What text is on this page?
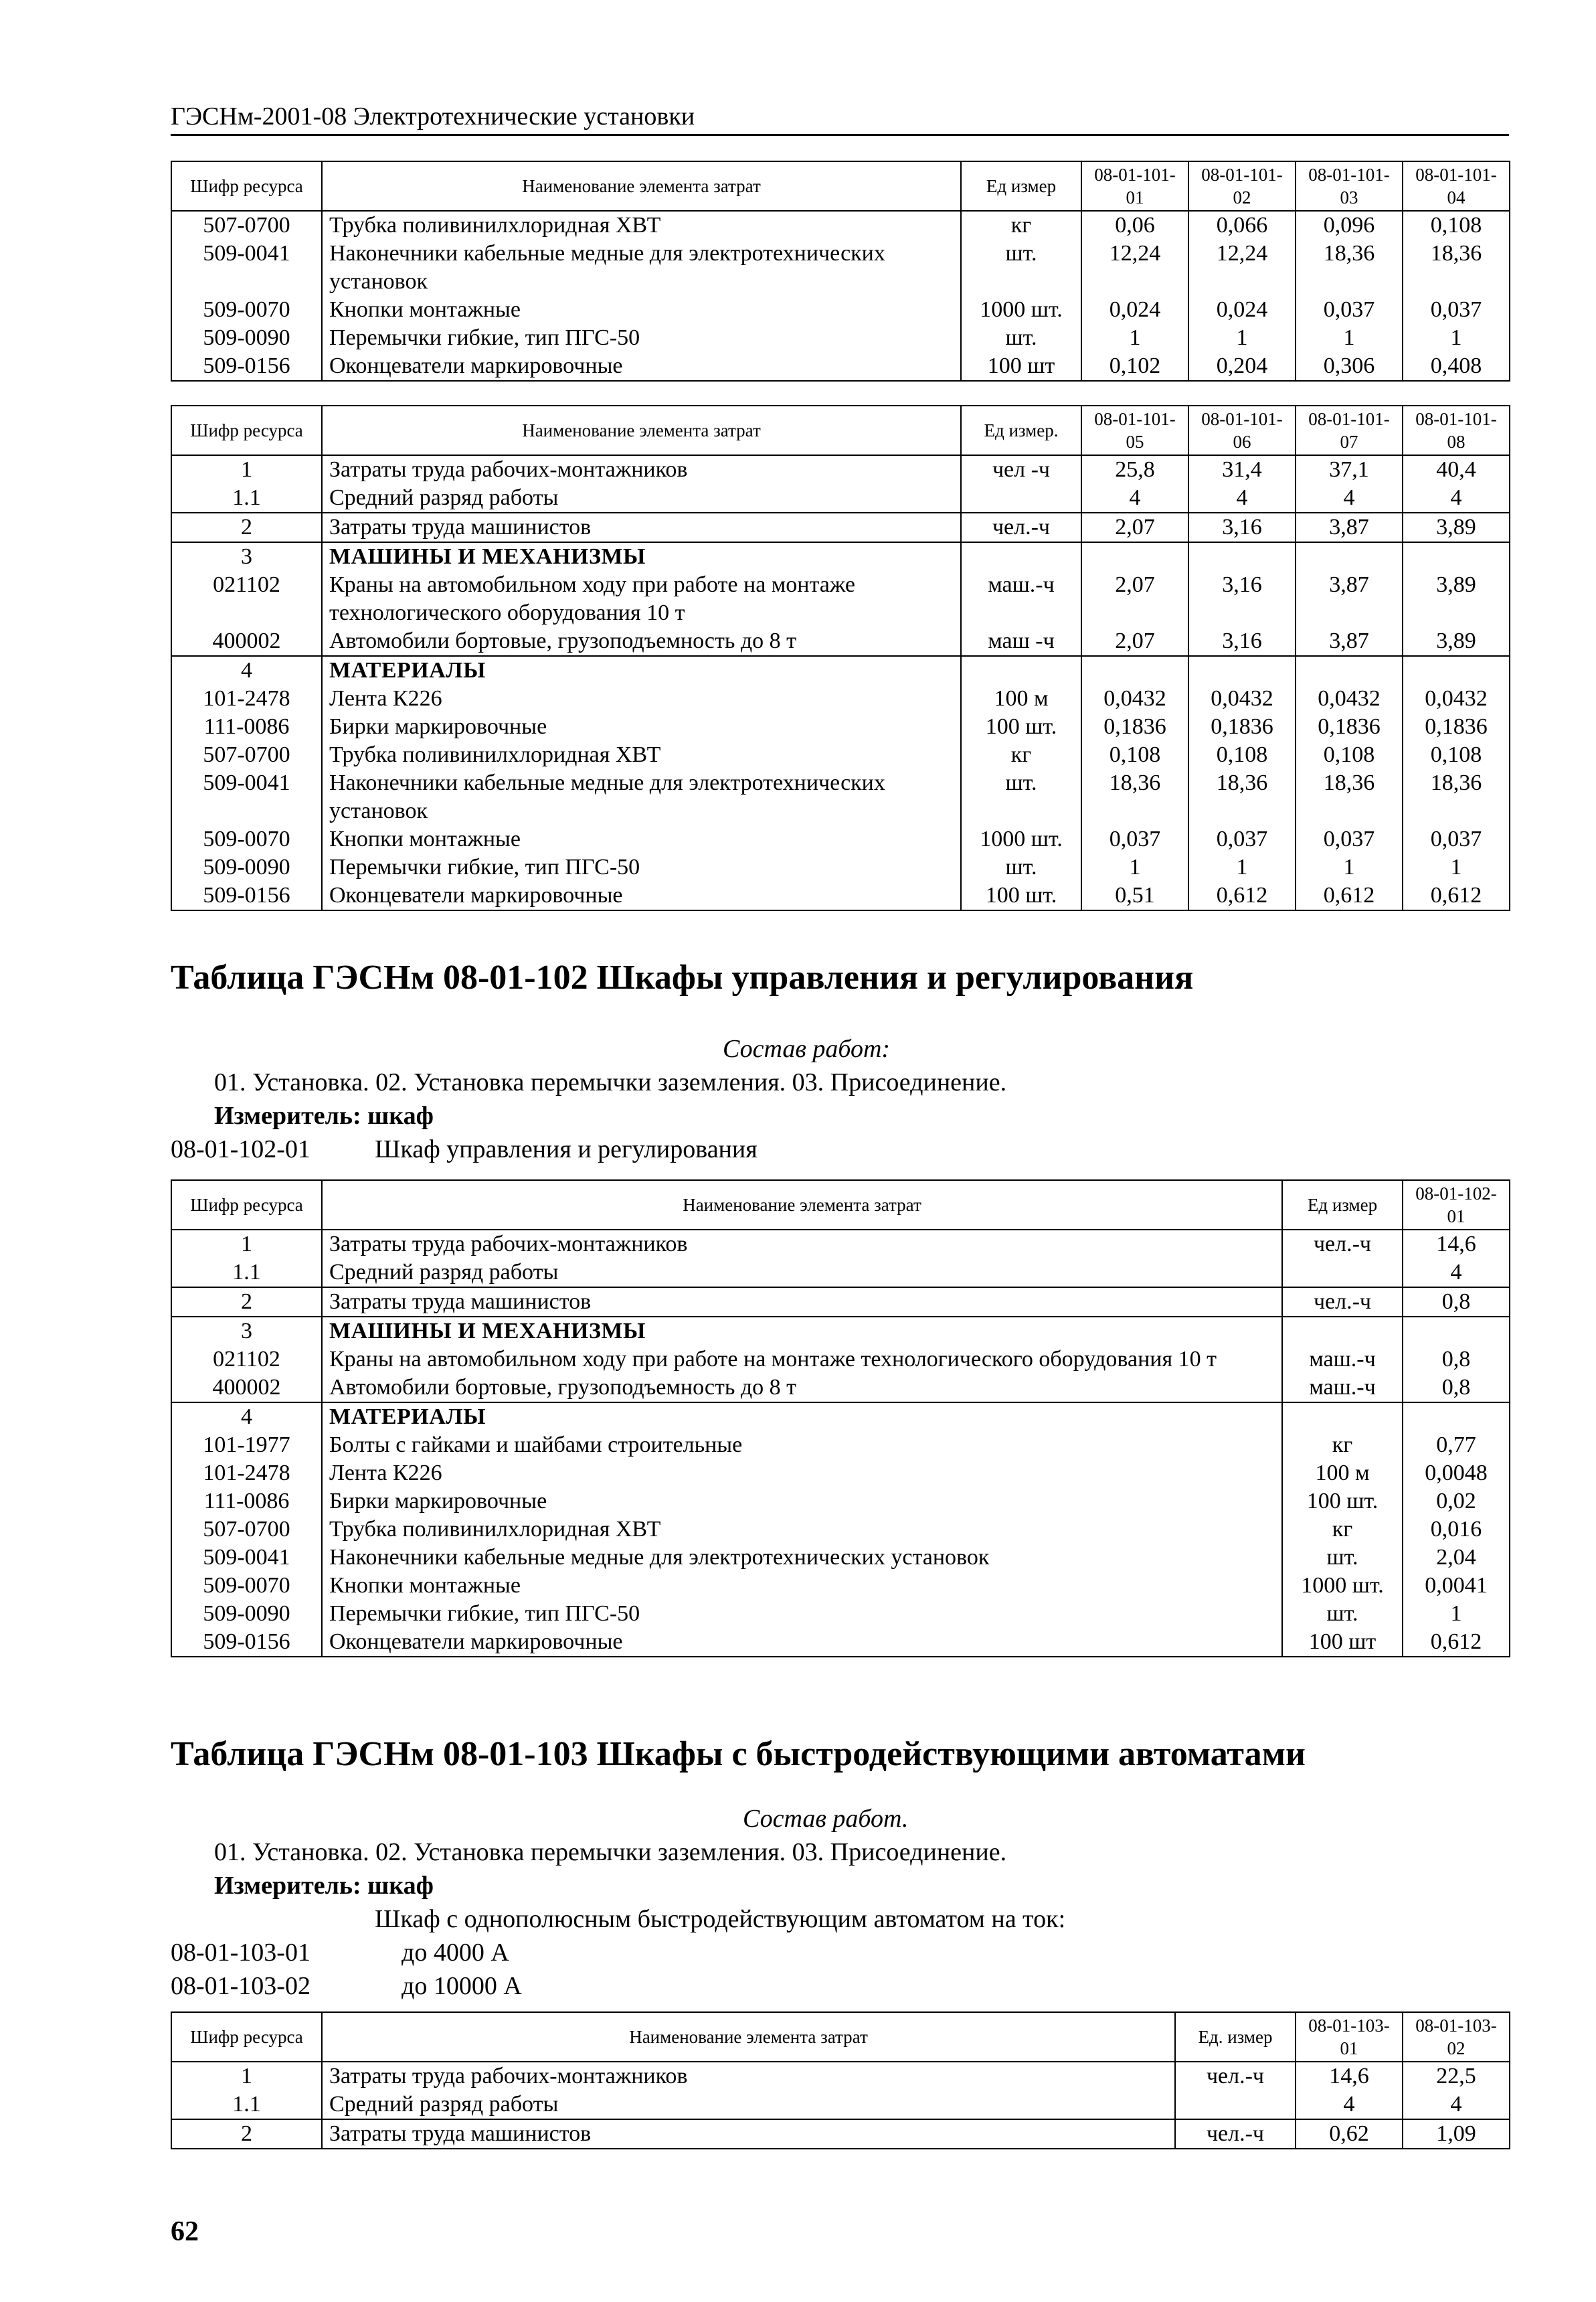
ГЭСНм-2001-08 Электротехнические установки
Шифр ресурса	Наименование элемента затрат	Ед измер	08-01-101-01	08-01-101-02	08-01-101-03	08-01-101-04
507-0700	Трубка поливинилхлоридная ХВТ	кг	0,06	0,066	0,096	0,108
509-0041	Наконечники кабельные медные для электротехнических установок	шт.	12,24	12,24	18,36	18,36
509-0070	Кнопки монтажные	1000 шт.	0,024	0,024	0,037	0,037
509-0090	Перемычки гибкие, тип ПГС-50	шт.	1	1	1	1
509-0156	Оконцеватели маркировочные	100 шт	0,102	0,204	0,306	0,408
Шифр ресурса	Наименование элемента затрат	Ед измер.	08-01-101-05	08-01-101-06	08-01-101-07	08-01-101-08
1	Затраты труда рабочих-монтажников	чел -ч	25,8	31,4	37,1	40,4
1.1	Средний разряд работы		4	4	4	4
2	Затраты труда машинистов	чел.-ч	2,07	3,16	3,87	3,89
3	МАШИНЫ И МЕХАНИЗМЫ					
021102	Краны на автомобильном ходу при работе на монтаже технологического оборудования 10 т	маш.-ч	2,07	3,16	3,87	3,89
400002	Автомобили бортовые, грузоподъемность до 8 т	маш -ч	2,07	3,16	3,87	3,89
4	МАТЕРИАЛЫ					
101-2478	Лента К226	100 м	0,0432	0,0432	0,0432	0,0432
111-0086	Бирки маркировочные	100 шт.	0,1836	0,1836	0,1836	0,1836
507-0700	Трубка поливинилхлоридная ХВТ	кг	0,108	0,108	0,108	0,108
509-0041	Наконечники кабельные медные для электротехнических установок	шт.	18,36	18,36	18,36	18,36
509-0070	Кнопки монтажные	1000 шт.	0,037	0,037	0,037	0,037
509-0090	Перемычки гибкие, тип ПГС-50	шт.	1	1	1	1
509-0156	Оконцеватели маркировочные	100 шт.	0,51	0,612	0,612	0,612
Таблица ГЭСНм 08-01-102 Шкафы управления и регулирования
Состав работ:
01. Установка. 02. Установка перемычки заземления. 03. Присоединение.
Измеритель: шкаф
08-01-102-01	Шкаф управления и регулирования
Шифр ресурса	Наименование элемента затрат	Ед измер	08-01-102-01
1	Затраты труда рабочих-монтажников	чел.-ч	14,6
1.1	Средний разряд работы		4
2	Затраты труда машинистов	чел.-ч	0,8
3	МАШИНЫ И МЕХАНИЗМЫ		
021102	Краны на автомобильном ходу при работе на монтаже технологического оборудования 10 т	маш.-ч	0,8
400002	Автомобили бортовые, грузоподъемность до 8 т	маш.-ч	0,8
4	МАТЕРИАЛЫ		
101-1977	Болты с гайками и шайбами строительные	кг	0,77
101-2478	Лента К226	100 м	0,0048
111-0086	Бирки маркировочные	100 шт.	0,02
507-0700	Трубка поливинилхлоридная ХВТ	кг	0,016
509-0041	Наконечники кабельные медные для электротехнических установок	шт.	2,04
509-0070	Кнопки монтажные	1000 шт.	0,0041
509-0090	Перемычки гибкие, тип ПГС-50	шт.	1
509-0156	Оконцеватели маркировочные	100 шт	0,612
Таблица ГЭСНм 08-01-103 Шкафы с быстродействующими автоматами
Состав работ.
01. Установка. 02. Установка перемычки заземления. 03. Присоединение.
Измеритель: шкаф
Шкаф с однополюсным быстродействующим автоматом на ток:
08-01-103-01	до 4000 А
08-01-103-02	до 10000 А
Шифр ресурса	Наименование элемента затрат	Ед. измер	08-01-103-01	08-01-103-02
1	Затраты труда рабочих-монтажников	чел.-ч	14,6	22,5
1.1	Средний разряд работы		4	4
2	Затраты труда машинистов	чел.-ч	0,62	1,09
62
